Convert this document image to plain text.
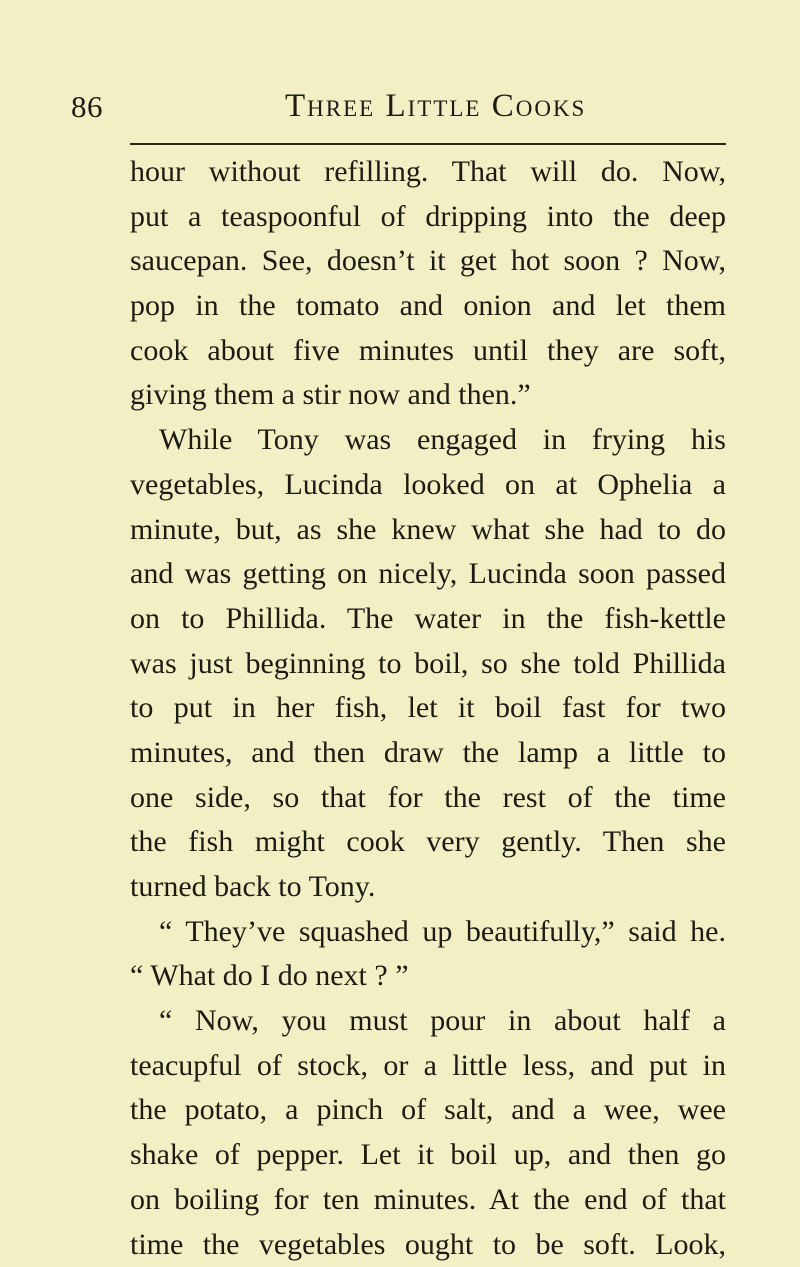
86	Three Little Cooks
hour without refilling. That will do. Now,
put a teaspoonful of dripping into the deep
saucepan. See, doesn’t it get hot soon ? Now,
pop in the tomato and onion and let them
cook about five minutes until they are soft,
giving them a stir now and then.”
While Tony was engaged in frying his
vegetables, Lucinda looked on at Ophelia a
minute, but, as she knew what she had to do
and was getting on nicely, Lucinda soon passed
on to Phillida. The water in the fish-kettle
was just beginning to boil, so she told Phillida
to put in her fish, let it boil fast for two
minutes, and then draw the lamp a little to
one side, so that for the rest of the time
the fish might cook very gently. Then she
turned back to Tony.
“ They’ve squashed up beautifully,” said he.
“ What do I do next ? ”
“ Now, you must pour in about half a
teacupful of stock, or a little less, and put in
the potato, a pinch of salt, and a wee, wee
shake of pepper. Let it boil up, and then go
on boiling for ten minutes. At the end of that
time the vegetables ought to be soft. Look,
